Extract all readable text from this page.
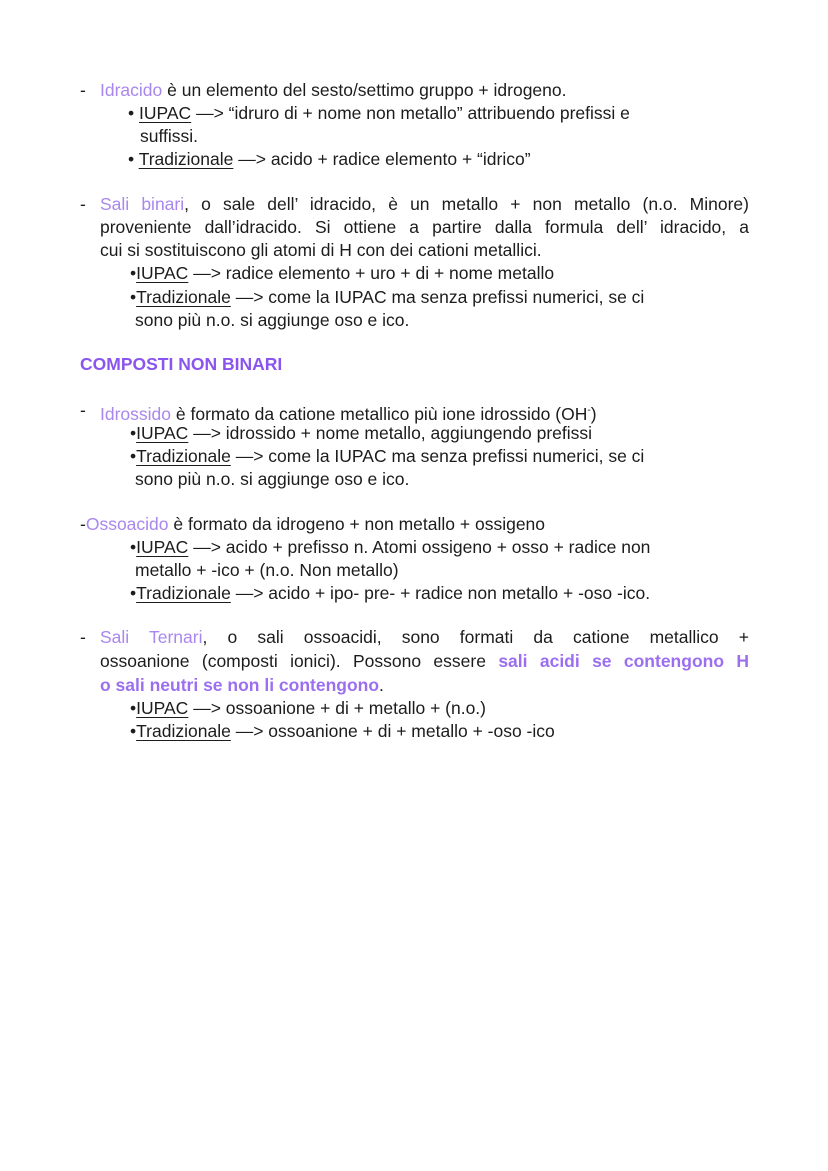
- Idracido è un elemento del sesto/settimo gruppo + idrogeno.
• IUPAC —> “idruro di + nome non metallo” attribuendo prefissi e
suffissi.
• Tradizionale —> acido + radice elemento + “idrico”
- Sali binari, o sale dell’ idracido, è un metallo + non metallo (n.o. Minore)
proveniente dall’idracido. Si ottiene a partire dalla formula dell’ idracido, a
cui si sostituiscono gli atomi di H con dei cationi metallici.
•IUPAC —> radice elemento + uro + di + nome metallo
•Tradizionale —> come la IUPAC ma senza prefissi numerici, se ci
sono più n.o. si aggiunge oso e ico.
COMPOSTI NON BINARI
- Idrossido è formato da catione metallico più ione idrossido (OH-)
•IUPAC —> idrossido + nome metallo, aggiungendo prefissi
•Tradizionale —> come la IUPAC ma senza prefissi numerici, se ci
sono più n.o. si aggiunge oso e ico.
-Ossoacido è formato da idrogeno + non metallo + ossigeno
•IUPAC —> acido + prefisso n. Atomi ossigeno + osso + radice non
metallo + -ico + (n.o. Non metallo)
•Tradizionale —> acido + ipo- pre- + radice non metallo + -oso -ico.
- Sali Ternari, o sali ossoacidi, sono formati da catione metallico +
ossoanione (composti ionici). Possono essere sali acidi se contengono H
o sali neutri se non li contengono.
•IUPAC —> ossoanione + di + metallo + (n.o.)
•Tradizionale —> ossoanione + di + metallo + -oso -ico
